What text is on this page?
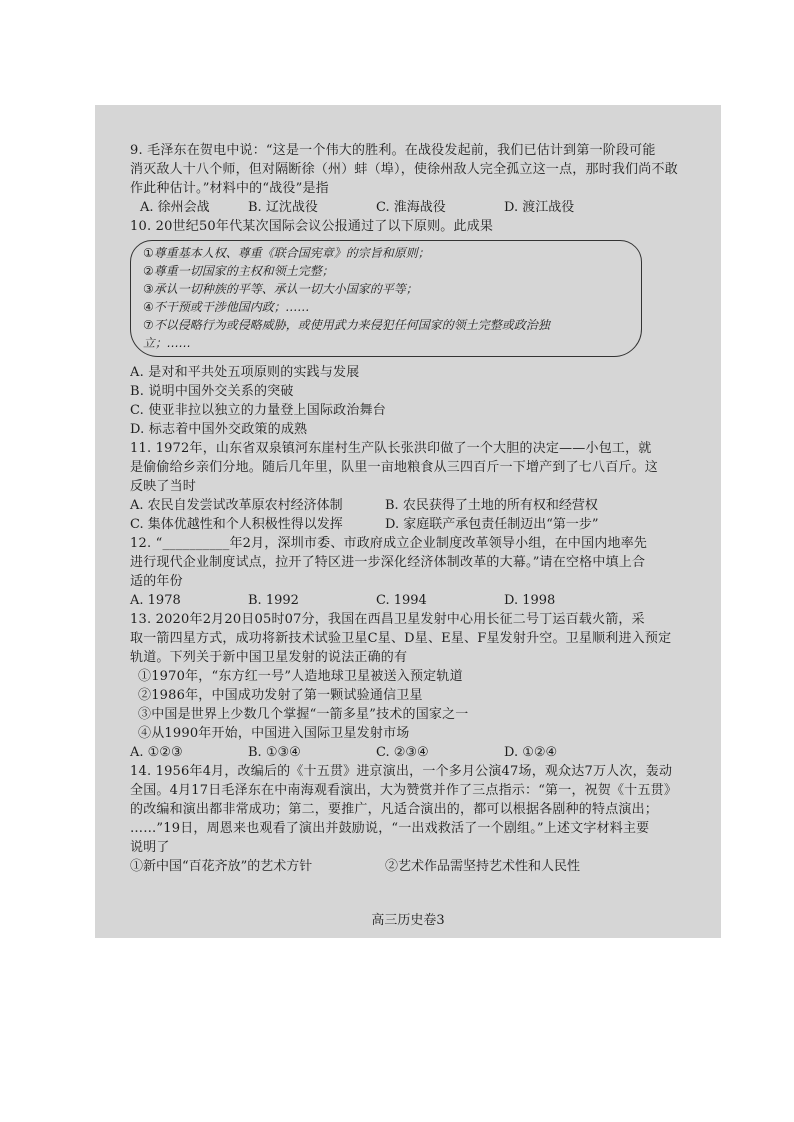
9. 毛泽东在贺电中说：“这是一个伟大的胜利。在战役发起前，我们已估计到第一阶段可能
消灭敌人十八个师，但对隔断徐（州）蚌（埠），使徐州敌人完全孤立这一点，那时我们尚不敢
作此种估计。”材料中的“战役”是指
A. 徐州会战	B. 辽沈战役	C. 淮海战役	D. 渡江战役
10. 20世纪50年代某次国际会议公报通过了以下原则。此成果
①尊重基本人权、尊重《联合国宪章》的宗旨和原则；
②尊重一切国家的主权和领土完整；
③承认一切种族的平等、承认一切大小国家的平等；
④不干预或干涉他国内政；……
⑦不以侵略行为或侵略威胁，或使用武力来侵犯任何国家的领土完整或政治独
立；……
A. 是对和平共处五项原则的实践与发展
B. 说明中国外交关系的突破
C. 使亚非拉以独立的力量登上国际政治舞台
D. 标志着中国外交政策的成熟
11. 1972年，山东省双泉镇河东崖村生产队长张洪印做了一个大胆的决定——小包工，就
是偷偷给乡亲们分地。随后几年里，队里一亩地粮食从三四百斤一下增产到了七八百斤。这
反映了当时
A. 农民自发尝试改革原农村经济体制	B. 农民获得了土地的所有权和经营权
C. 集体优越性和个人积极性得以发挥	D. 家庭联产承包责任制迈出“第一步”
12. “__________年2月，深圳市委、市政府成立企业制度改革领导小组，在中国内地率先
进行现代企业制度试点，拉开了特区进一步深化经济体制改革的大幕。”请在空格中填上合
适的年份
A. 1978	B. 1992	C. 1994	D. 1998
13. 2020年2月20日05时07分，我国在西昌卫星发射中心用长征二号丁运百载火箭，采
取一箭四星方式，成功将新技术试验卫星C星、D星、E星、F星发射升空。卫星顺利进入预定
轨道。下列关于新中国卫星发射的说法正确的有
①1970年，“东方红一号”人造地球卫星被送入预定轨道
②1986年，中国成功发射了第一颗试验通信卫星
③中国是世界上少数几个掌握“一箭多星”技术的国家之一
④从1990年开始，中国进入国际卫星发射市场
A. ①②③	B. ①③④	C. ②③④	D. ①②④
14. 1956年4月，改编后的《十五贯》进京演出，一个多月公演47场，观众达7万人次，轰动
全国。4月17日毛泽东在中南海观看演出，大为赞赏并作了三点指示：“第一，祝贺《十五贯》
的改编和演出都非常成功；第二，要推广，凡适合演出的，都可以根据各剧种的特点演出；
……”19日，周恩来也观看了演出并鼓励说，“一出戏救活了一个剧组。”上述文字材料主要
说明了
①新中国“百花齐放”的艺术方针	②艺术作品需坚持艺术性和人民性
高三历史卷3
